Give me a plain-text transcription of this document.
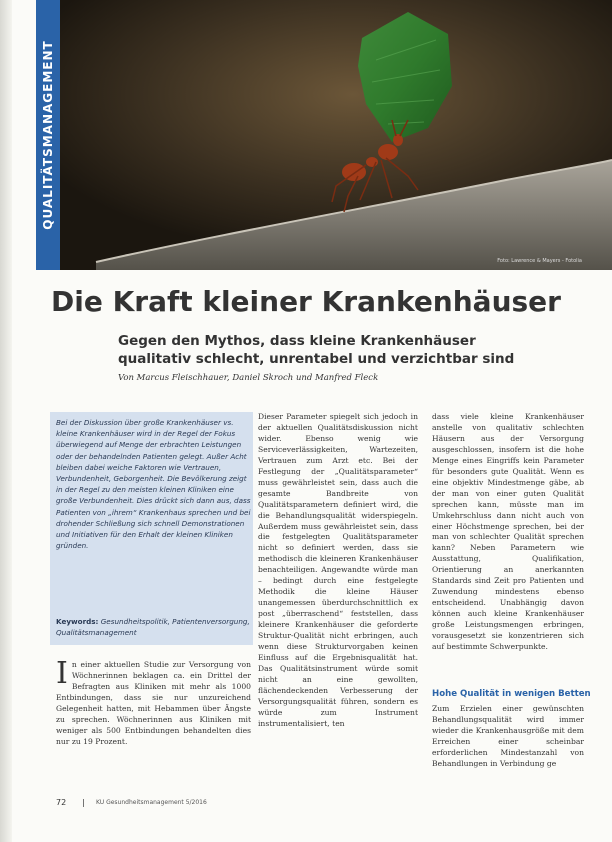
QUALITÄTSMANAGEMENT
Foto: Lawrence & Mayers - Fotolia
Die Kraft kleiner Krankenhäuser
Gegen den Mythos, dass kleine Krankenhäuser qualitativ schlecht, unrentabel und verzichtbar sind
Von Marcus Fleischhauer, Daniel Skroch und Manfred Fleck

Bei der Diskussion über große Krankenhäuser vs. kleine Krankenhäuser wird in der Regel der Fokus überwiegend auf Menge der erbrachten Leistungen oder der behandelnden Patienten gelegt. Außer Acht bleiben dabei weiche Faktoren wie Vertrauen, Verbundenheit, Geborgenheit. Die Bevölkerung zeigt in der Regel zu den meisten kleinen Kliniken eine große Verbundenheit. Dies drückt sich dann aus, dass Patienten von „ihrem“ Krankenhaus sprechen und bei drohender Schließung sich schnell Demonstrationen und Initiativen für den Erhalt der kleinen Kliniken gründen.

Keywords: Gesundheitspolitik, Patientenversorgung, Qualitätsmanagement

In einer aktuellen Studie zur Versorgung von Wöchnerinnen beklagen ca. ein Drittel der Befragten aus Kliniken mit mehr als 1000 Entbindungen, dass sie nur unzureichend Gelegenheit hatten, mit Hebammen über Ängste zu sprechen. Wöchnerinnen aus Kliniken mit weniger als 500 Entbindungen behandelten dies nur zu 19 Prozent.

Dieser Parameter spiegelt sich jedoch in der aktuellen Qualitätsdiskussion nicht wider. Ebenso wenig wie Serviceverlässigkeiten, Wartezeiten, Vertrauen zum Arzt etc. Bei der Festlegung der „Qualitätsparameter“ muss gewährleistet sein, dass auch die gesamte Bandbreite von Qualitätsparametern definiert wird, die die Behandlungsqualität widerspiegeln. Außerdem muss gewährleistet sein, dass die festgelegten Qualitätsparameter nicht so definiert werden, dass sie methodisch die kleineren Krankenhäuser benachteiligen. Angewandte würde man – bedingt durch eine festgelegte Methodik die kleine Häuser unangemessen überdurchschnittlich ex post „überraschend“ feststellen, dass kleinere Krankenhäuser die geforderte Struktur-Qualität nicht erbringen, auch wenn diese Strukturvorgaben keinen Einfluss auf die Ergebnisqualität hat. Das Qualitätsinstrument würde somit nicht an eine gewollten, flächendeckenden Verbesserung der Versorgungsqualität führen, sondern es würde zum Instrument instrumentalisiert, ten

dass viele kleine Krankenhäuser anstelle von qualitativ schlechten Häusern aus der Versorgung ausgeschlossen, insofern ist die hohe Menge eines Eingriffs kein Parameter für besonders gute Qualität. Wenn es eine objektiv Mindestmenge gäbe, ab der man von einer guten Qualität sprechen kann, müsste man im Umkehrschluss dann nicht auch von einer Höchstmenge sprechen, bei der man von schlechter Qualität sprechen kann? Neben Parametern wie Ausstattung, Qualifikation, Orientierung an anerkannten Standards sind Zeit pro Patienten und Zuwendung mindestens ebenso entscheidend. Unabhängig davon können auch kleine Krankenhäuser große Leistungsmengen erbringen, vorausgesetzt sie konzentrieren sich auf bestimmte Schwerpunkte.

Hohe Qualität in wenigen Betten

Zum Erzielen einer gewünschten Behandlungsqualität wird immer wieder die Krankenhausgröße mit dem Erreichen einer scheinbar erforderlichen Mindestanzahl von Behandlungen in Verbindung ge

72 | KU Gesundheitsmanagement 5/2016
